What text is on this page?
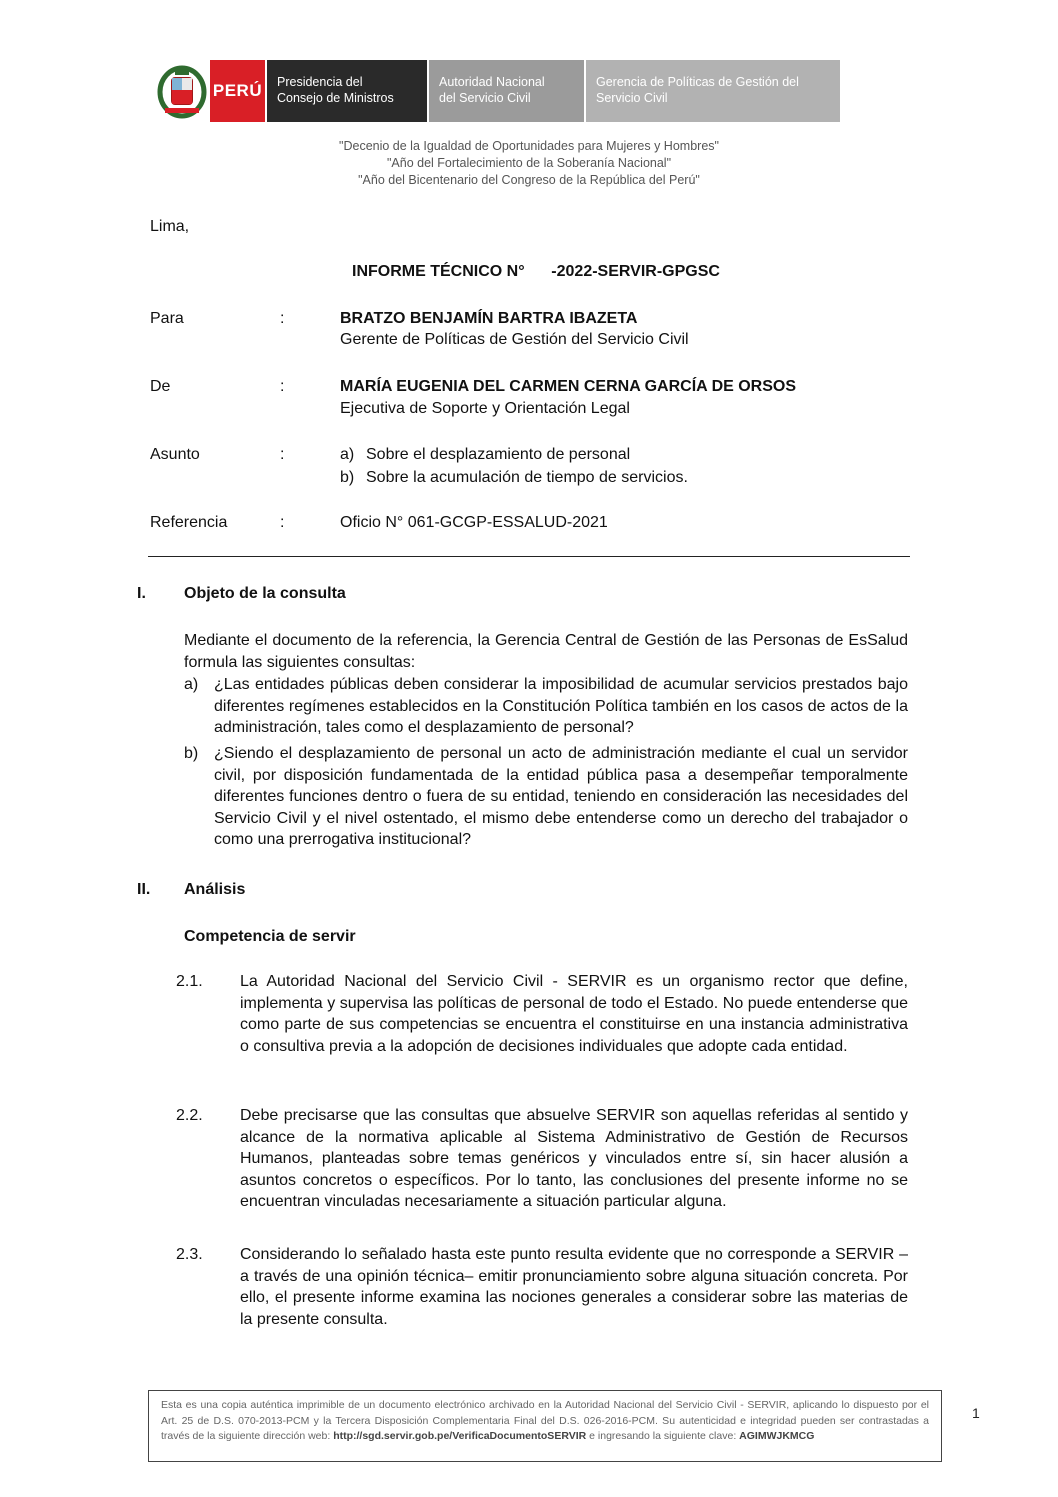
PERÚ Presidencia del
Consejo de Ministros
Autoridad Nacional
del Servicio Civil
Gerencia de Políticas de Gestión del
Servicio Civil
"Decenio de la Igualdad de Oportunidades para Mujeres y Hombres"
"Año del Fortalecimiento de la Soberanía Nacional"
"Año del Bicentenario del Congreso de la República del Perú"
Lima,
INFORME TÉCNICO N°      -2022-SERVIR-GPGSC
Para	:	BRATZO BENJAMÍN BARTRA IBAZETA
Gerente de Políticas de Gestión del Servicio Civil
De	:	MARÍA EUGENIA DEL CARMEN CERNA GARCÍA DE ORSOS
Ejecutiva de Soporte y Orientación Legal
Asunto	:	a) Sobre el desplazamiento de personal
b) Sobre la acumulación de tiempo de servicios.
Referencia	:	Oficio N° 061-GCGP-ESSALUD-2021
I. Objeto de la consulta
Mediante el documento de la referencia, la Gerencia Central de Gestión de las Personas de EsSalud formula las siguientes consultas:
a) ¿Las entidades públicas deben considerar la imposibilidad de acumular servicios prestados bajo diferentes regímenes establecidos en la Constitución Política también en los casos de actos de la administración, tales como el desplazamiento de personal?
b) ¿Siendo el desplazamiento de personal un acto de administración mediante el cual un servidor civil, por disposición fundamentada de la entidad pública pasa a desempeñar temporalmente diferentes funciones dentro o fuera de su entidad, teniendo en consideración las necesidades del Servicio Civil y el nivel ostentado, el mismo debe entenderse como un derecho del trabajador o como una prerrogativa institucional?
II. Análisis
Competencia de servir
2.1. La Autoridad Nacional del Servicio Civil - SERVIR es un organismo rector que define, implementa y supervisa las políticas de personal de todo el Estado. No puede entenderse que como parte de sus competencias se encuentra el constituirse en una instancia administrativa o consultiva previa a la adopción de decisiones individuales que adopte cada entidad.
2.2. Debe precisarse que las consultas que absuelve SERVIR son aquellas referidas al sentido y alcance de la normativa aplicable al Sistema Administrativo de Gestión de Recursos Humanos, planteadas sobre temas genéricos y vinculados entre sí, sin hacer alusión a asuntos concretos o específicos. Por lo tanto, las conclusiones del presente informe no se encuentran vinculadas necesariamente a situación particular alguna.
2.3. Considerando lo señalado hasta este punto resulta evidente que no corresponde a SERVIR –a través de una opinión técnica– emitir pronunciamiento sobre alguna situación concreta. Por ello, el presente informe examina las nociones generales a considerar sobre las materias de la presente consulta.
Esta es una copia auténtica imprimible de un documento electrónico archivado en la Autoridad Nacional del Servicio Civil - SERVIR, aplicando lo dispuesto por el Art. 25 de D.S. 070-2013-PCM y la Tercera Disposición Complementaria Final del D.S. 026-2016-PCM. Su autenticidad e integridad pueden ser contrastadas a través de la siguiente dirección web: http://sgd.servir.gob.pe/VerificaDocumentoSERVIR e ingresando la siguiente clave: AGIMWJKMCG
1
